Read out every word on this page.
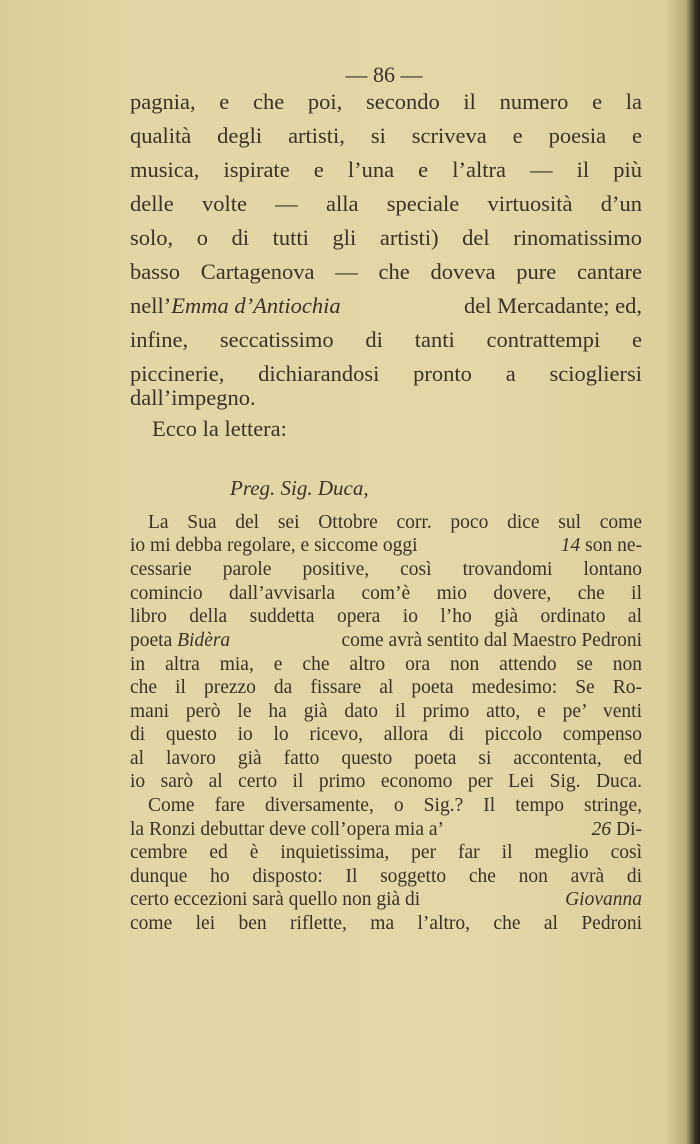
— 86 —
pagnia, e che poi, secondo il numero e la
qualità degli artisti, si scriveva e poesia e
musica, ispirate e l’una e l’altra — il più
delle volte — alla speciale virtuosità d’un
solo, o di tutti gli artisti) del rinomatissimo
basso Cartagenova — che doveva pure cantare
nell’Emma d’Antiochia	del Mercadante; ed,
infine, seccatissimo di tanti contrattempi e
piccinerie, dichiarandosi pronto a sciogliersi
dall’impegno.
Ecco la lettera:
Preg. Sig. Duca,
La Sua del sei Ottobre corr. poco dice sul come
io mi debba regolare, e siccome oggi	14 son ne-
cessarie parole positive, così trovandomi lontano
comincio dall’avvisarla com’è mio dovere, che il
libro della suddetta opera io l’ho già ordinato al
poeta Bidèra	come avrà sentito dal Maestro Pedroni
in altra mia, e che altro ora non attendo se non
che il prezzo da fissare al poeta medesimo: Se Ro-
mani però le ha già dato il primo atto, e pe’ venti
di questo io lo ricevo, allora di piccolo compenso
al lavoro già fatto questo poeta si accontenta, ed
io sarò al certo il primo economo per Lei Sig. Duca.
Come fare diversamente, o Sig.? Il tempo stringe,
la Ronzi debuttar deve coll’opera mia a’	26 Di-
cembre ed è inquietissima, per far il meglio così
dunque ho disposto: Il soggetto che non avrà di
certo eccezioni sarà quello non già di	Giovanna
come lei ben riflette, ma l’altro, che al Pedroni
